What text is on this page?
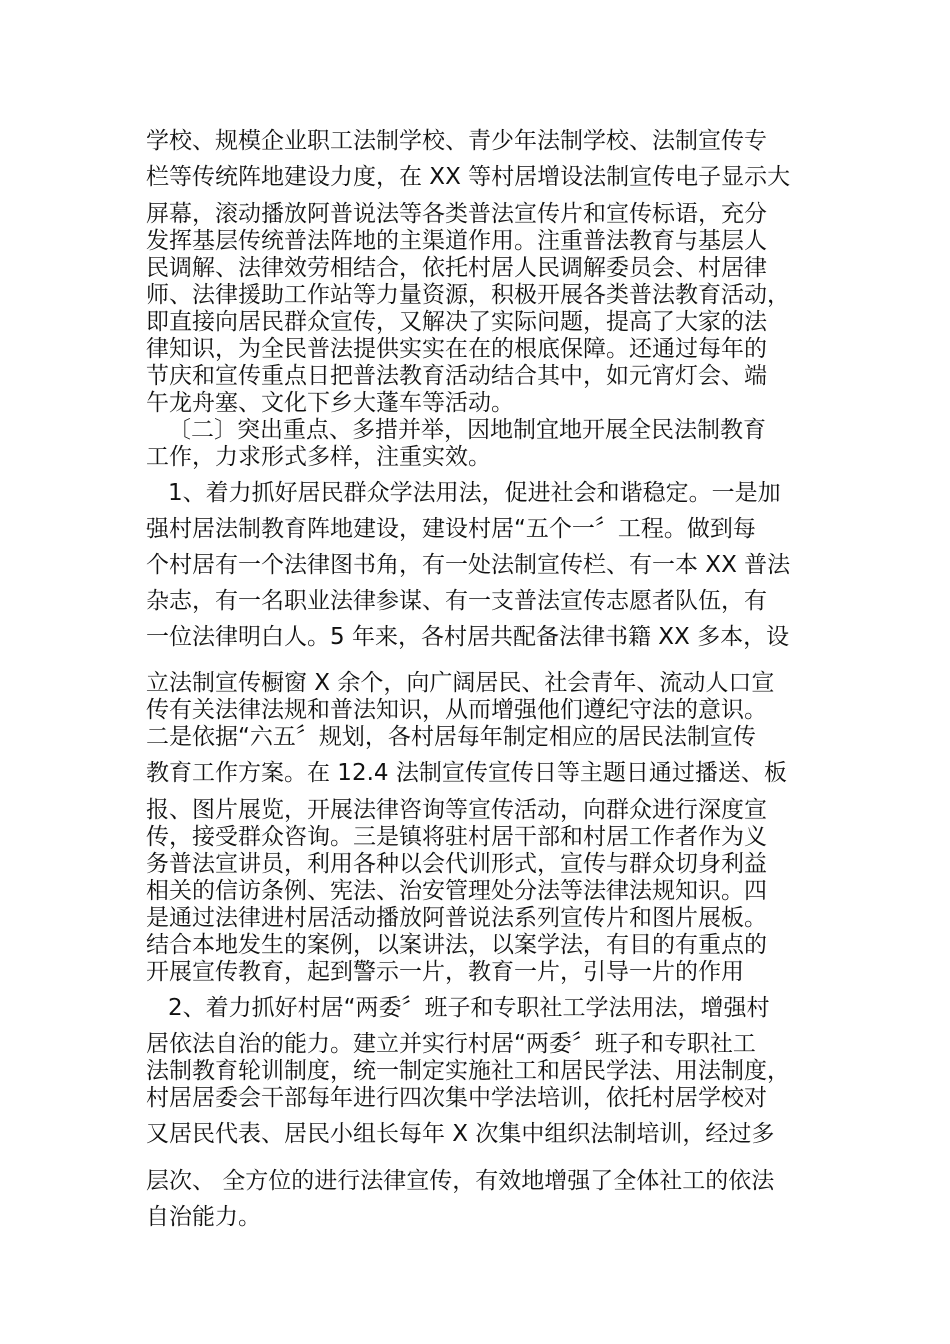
学校、规模企业职工法制学校、青少年法制学校、法制宣传专
栏等传统阵地建设力度，在 XX 等村居增设法制宣传电子显示大
屏幕，滚动播放阿普说法等各类普法宣传片和宣传标语，充分
发挥基层传统普法阵地的主渠道作用。注重普法教育与基层人
民调解、法律效劳相结合，依托村居人民调解委员会、村居律
师、法律援助工作站等力量资源，积极开展各类普法教育活动，
即直接向居民群众宣传，又解决了实际问题，提高了大家的法
律知识，为全民普法提供实实在在的根底保障。还通过每年的
节庆和宣传重点日把普法教育活动结合其中，如元宵灯会、端
午龙舟塞、文化下乡大蓬车等活动。
〔二〕突出重点、多措并举，因地制宜地开展全民法制教育
工作，力求形式多样，注重实效。
1、着力抓好居民群众学法用法，促进社会和谐稳定。一是加
强村居法制教育阵地建设，建设村居“五个一〞工程。做到每
个村居有一个法律图书角，有一处法制宣传栏、有一本 XX 普法
杂志，有一名职业法律参谋、有一支普法宣传志愿者队伍，有
一位法律明白人。5 年来，各村居共配备法律书籍 XX 多本，设
立法制宣传橱窗 X 余个，向广阔居民、社会青年、流动人口宣
传有关法律法规和普法知识，从而增强他们遵纪守法的意识。
二是依据“六五〞规划，各村居每年制定相应的居民法制宣传
教育工作方案。在 12.4 法制宣传宣传日等主题日通过播送、板
报、图片展览，开展法律咨询等宣传活动，向群众进行深度宣
传，接受群众咨询。三是镇将驻村居干部和村居工作者作为义
务普法宣讲员，利用各种以会代训形式，宣传与群众切身利益
相关的信访条例、宪法、治安管理处分法等法律法规知识。四
是通过法律进村居活动播放阿普说法系列宣传片和图片展板。
结合本地发生的案例，以案讲法，以案学法，有目的有重点的
开展宣传教育，起到警示一片，教育一片，引导一片的作用
2、着力抓好村居“两委〞班子和专职社工学法用法，增强村
居依法自治的能力。建立并实行村居“两委〞班子和专职社工
法制教育轮训制度，统一制定实施社工和居民学法、用法制度，
村居居委会干部每年进行四次集中学法培训，依托村居学校对
又居民代表、居民小组长每年 X 次集中组织法制培训，经过多
层次、 全方位的进行法律宣传，有效地增强了全体社工的依法
自治能力。
